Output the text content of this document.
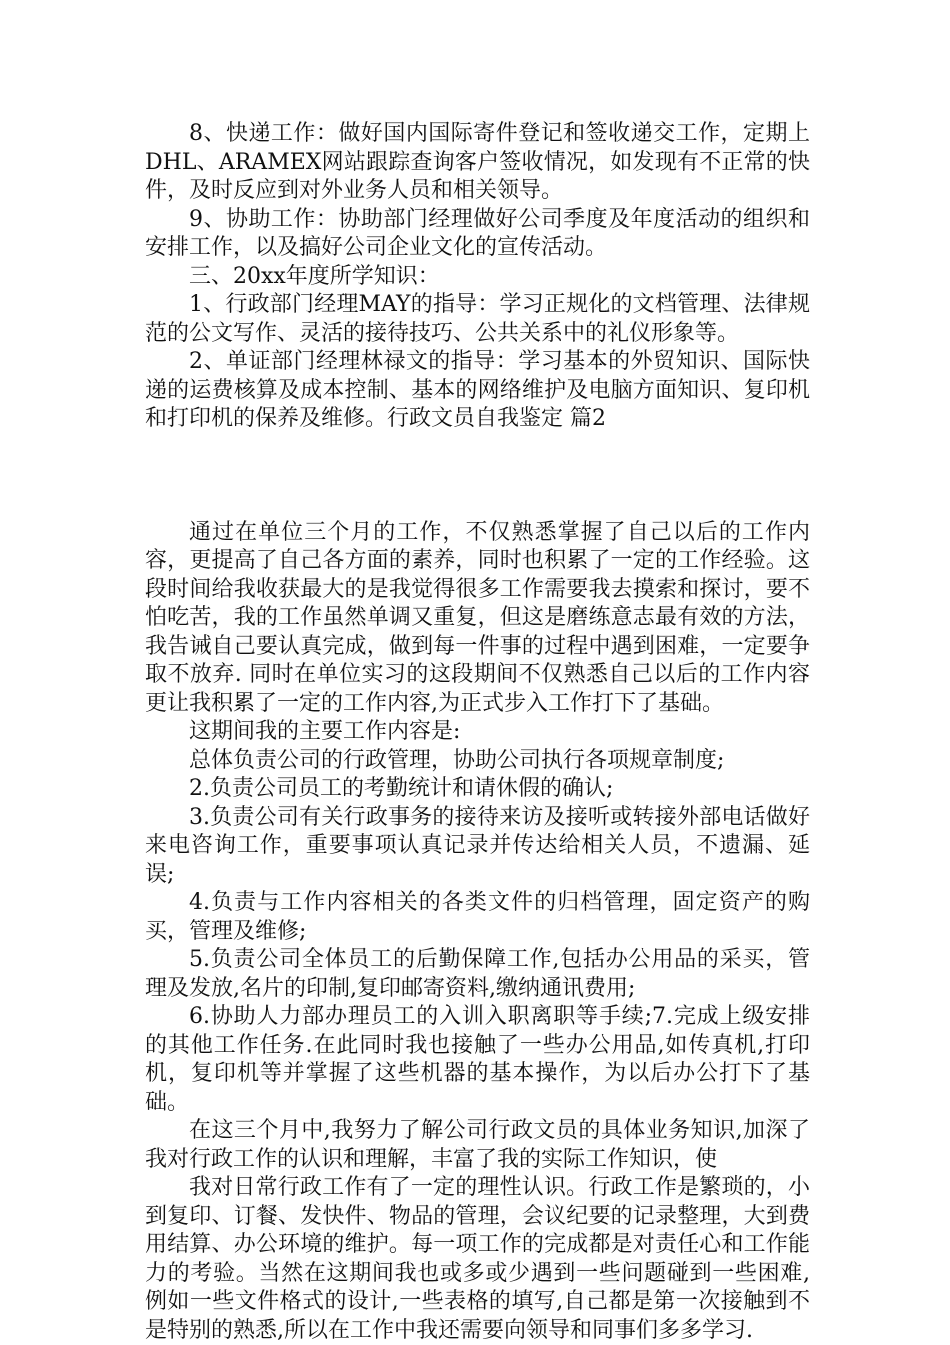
8、快递工作：做好国内国际寄件登记和签收递交工作，定期上DHL、ARAMEX网站跟踪查询客户签收情况，如发现有不正常的快件，及时反应到对外业务人员和相关领导。

9、协助工作：协助部门经理做好公司季度及年度活动的组织和安排工作，以及搞好公司企业文化的宣传活动。

三、20xx年度所学知识：

1、行政部门经理MAY的指导：学习正规化的文档管理、法律规范的公文写作、灵活的接待技巧、公共关系中的礼仪形象等。

2、单证部门经理林禄文的指导：学习基本的外贸知识、国际快递的运费核算及成本控制、基本的网络维护及电脑方面知识、复印机和打印机的保养及维修。行政文员自我鉴定 篇2

通过在单位三个月的工作，不仅熟悉掌握了自己以后的工作内容，更提高了自己各方面的素养，同时也积累了一定的工作经验。这段时间给我收获最大的是我觉得很多工作需要我去摸索和探讨，要不怕吃苦，我的工作虽然单调又重复，但这是磨练意志最有效的方法，我告诫自己要认真完成，做到每一件事的过程中遇到困难，一定要争取不放弃. 同时在单位实习的这段期间不仅熟悉自己以后的工作内容更让我积累了一定的工作内容,为正式步入工作打下了基础。

这期间我的主要工作内容是:

总体负责公司的行政管理，协助公司执行各项规章制度;

2.负责公司员工的考勤统计和请休假的确认;

3.负责公司有关行政事务的接待来访及接听或转接外部电话做好来电咨询工作，重要事项认真记录并传达给相关人员，不遗漏、延误;

4.负责与工作内容相关的各类文件的归档管理，固定资产的购买，管理及维修;

5.负责公司全体员工的后勤保障工作,包括办公用品的采买，管理及发放,名片的印制,复印邮寄资料,缴纳通讯费用;

6.协助人力部办理员工的入训入职离职等手续;7.完成上级安排的其他工作任务.在此同时我也接触了一些办公用品,如传真机,打印机，复印机等并掌握了这些机器的基本操作，为以后办公打下了基础。

在这三个月中,我努力了解公司行政文员的具体业务知识,加深了我对行政工作的认识和理解，丰富了我的实际工作知识，使

我对日常行政工作有了一定的理性认识。行政工作是繁琐的，小到复印、订餐、发快件、物品的管理，会议纪要的记录整理，大到费用结算、办公环境的维护。每一项工作的完成都是对责任心和工作能力的考验。当然在这期间我也或多或少遇到一些问题碰到一些困难,例如一些文件格式的设计,一些表格的填写,自己都是第一次接触到不是特别的熟悉,所以在工作中我还需要向领导和同事们多多学习.
